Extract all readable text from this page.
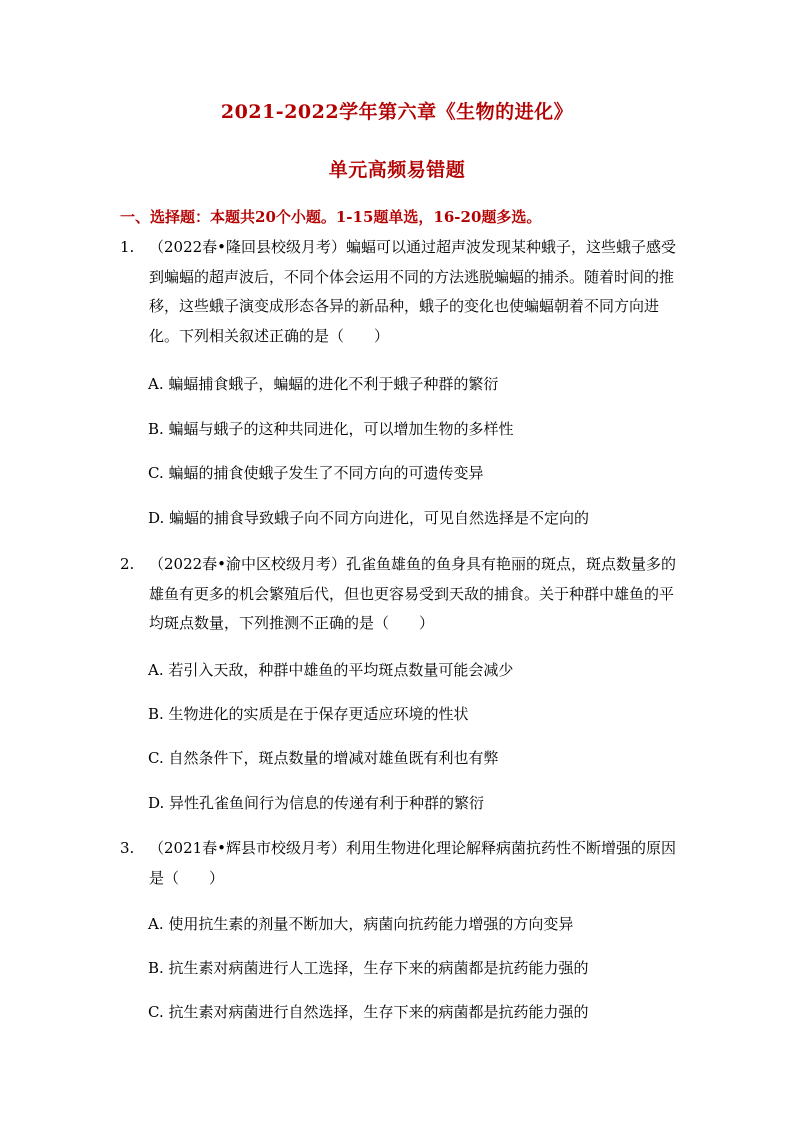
2021-2022学年第六章《生物的进化》
单元高频易错题
一、选择题：本题共20个小题。1-15题单选，16-20题多选。
1. （2022春•隆回县校级月考）蝙蝠可以通过超声波发现某种蛾子，这些蛾子感受到蝙蝠的超声波后，不同个体会运用不同的方法逃脱蝙蝠的捕杀。随着时间的推移，这些蛾子演变成形态各异的新品种，蛾子的变化也使蝙蝠朝着不同方向进化。下列相关叙述正确的是（　　）
A. 蝙蝠捕食蛾子，蝙蝠的进化不利于蛾子种群的繁衍
B. 蝙蝠与蛾子的这种共同进化，可以增加生物的多样性
C. 蝙蝠的捕食使蛾子发生了不同方向的可遗传变异
D. 蝙蝠的捕食导致蛾子向不同方向进化，可见自然选择是不定向的
2. （2022春•渝中区校级月考）孔雀鱼雄鱼的鱼身具有艳丽的斑点，斑点数量多的雄鱼有更多的机会繁殖后代，但也更容易受到天敌的捕食。关于种群中雄鱼的平均斑点数量，下列推测不正确的是（　　）
A. 若引入天敌，种群中雄鱼的平均斑点数量可能会减少
B. 生物进化的实质是在于保存更适应环境的性状
C. 自然条件下，斑点数量的增减对雄鱼既有利也有弊
D. 异性孔雀鱼间行为信息的传递有利于种群的繁衍
3. （2021春•辉县市校级月考）利用生物进化理论解释病菌抗药性不断增强的原因是（　　）
A. 使用抗生素的剂量不断加大，病菌向抗药能力增强的方向变异
B. 抗生素对病菌进行人工选择，生存下来的病菌都是抗药能力强的
C. 抗生素对病菌进行自然选择，生存下来的病菌都是抗药能力强的
